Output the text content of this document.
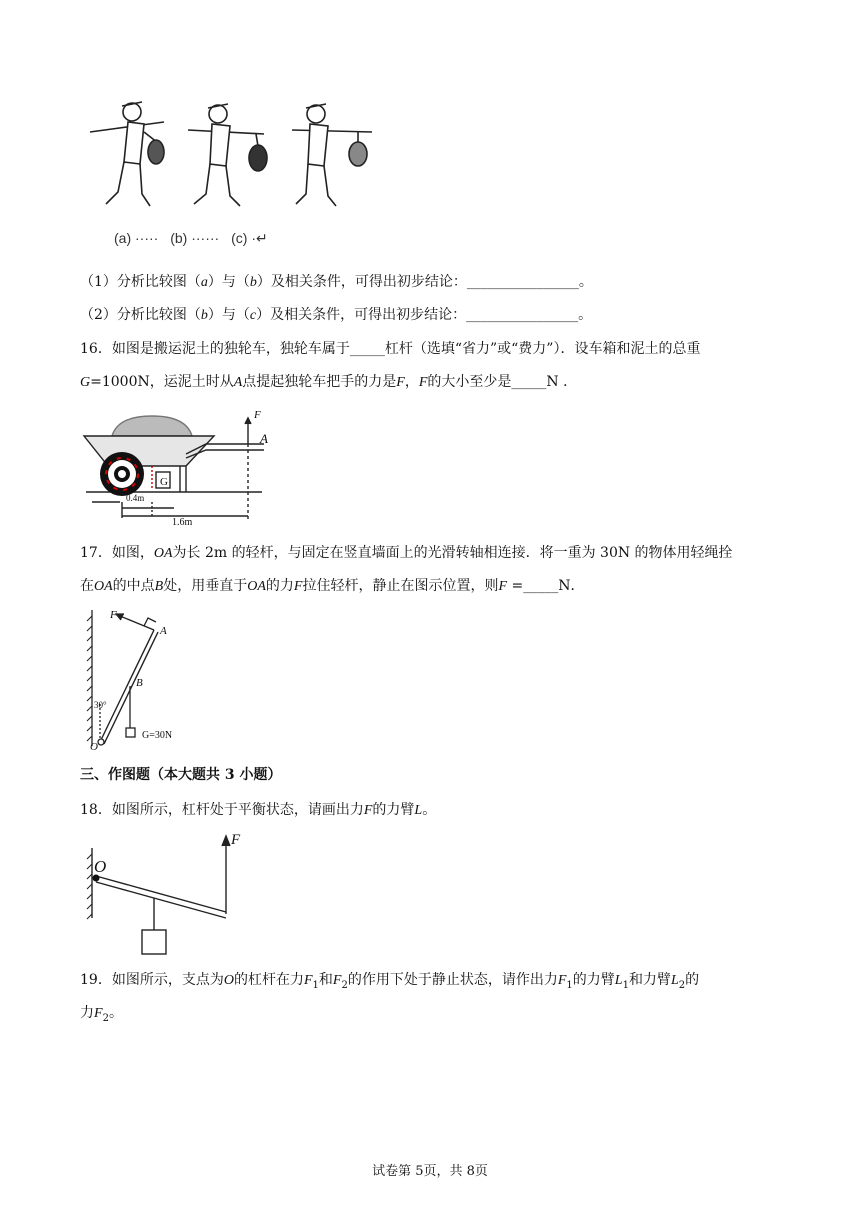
(a) ····· (b) ······ (c) ·↵
（1）分析比较图（a）与（b）及相关条件，可得出初步结论：________________。
（2）分析比较图（b）与（c）及相关条件，可得出初步结论：________________。
16．如图是搬运泥土的独轮车，独轮车属于_____杠杆（选填“省力”或“费力”）．设车箱和泥土的总重
G=1000N，运泥土时从A点提起独轮车把手的力是F，F的大小至少是_____N ．
G
F
A
0.4m
1.6m
17．如图，OA为长 2m 的轻杆，与固定在竖直墙面上的光滑转轴相连接．将一重为 30N 的物体用轻绳拴
在OA的中点B处，用垂直于OA的力F拉住轻杆，静止在图示位置，则F =_____N．
F
A
B
30°
O
G=30N
三、作图题（本大题共 3 小题）
18．如图所示，杠杆处于平衡状态，请画出力F的力臂L。
O
F
19．如图所示，支点为O的杠杆在力$F_1$和$F_2$的作用下处于静止状态，请作出力$F_1$的力臂$L_1$和力臂$L_2$的
力$F_2$。
试卷第 5页，共 8页
